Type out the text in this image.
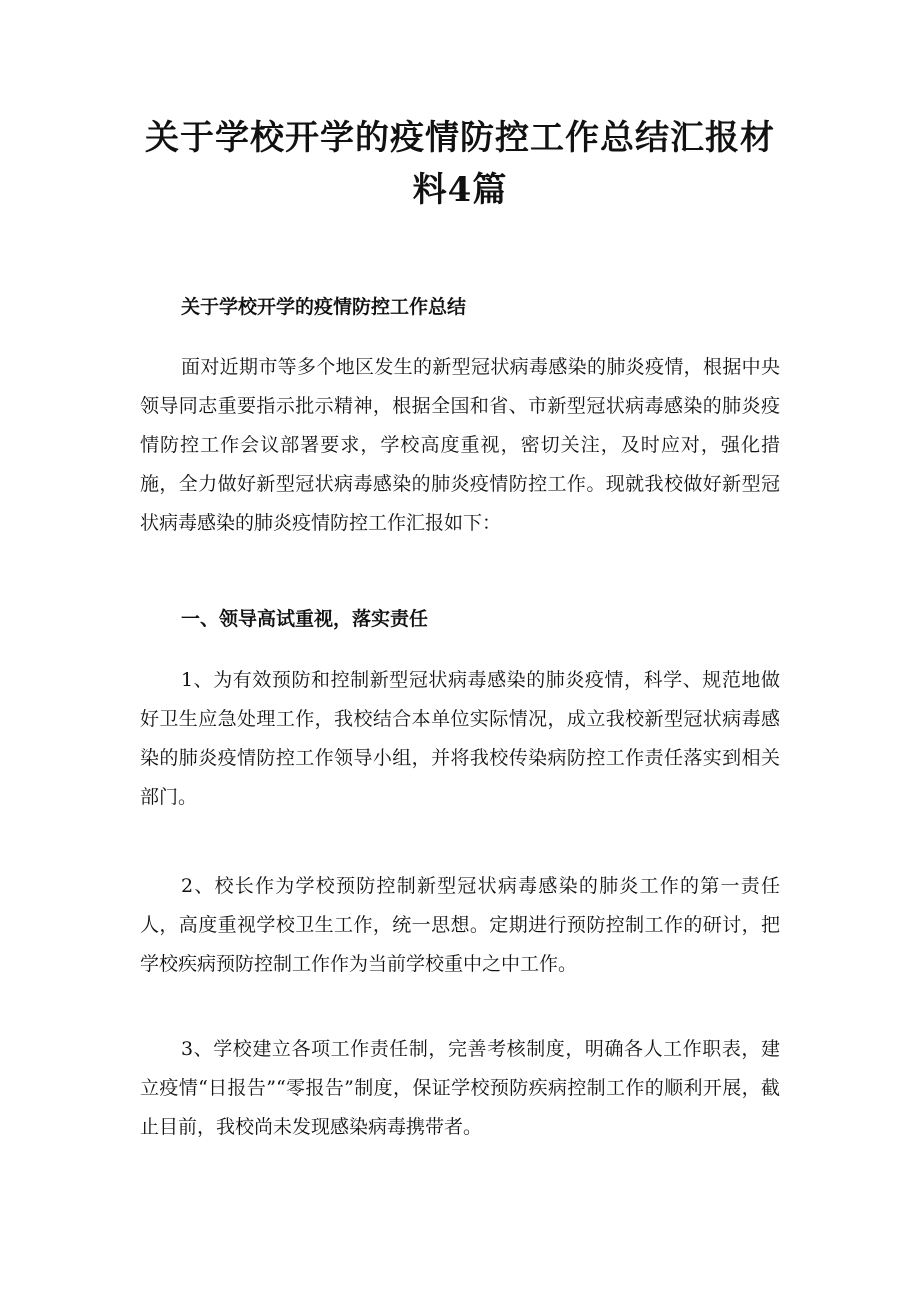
关于学校开学的疫情防控工作总结汇报材
料4篇

关于学校开学的疫情防控工作总结

面对近期市等多个地区发生的新型冠状病毒感染的肺炎疫情，根据中央领导同志重要指示批示精神，根据全国和省、市新型冠状病毒感染的肺炎疫情防控工作会议部署要求，学校高度重视，密切关注，及时应对，强化措施，全力做好新型冠状病毒感染的肺炎疫情防控工作。现就我校做好新型冠状病毒感染的肺炎疫情防控工作汇报如下：

一、领导高试重视，落实责任

1、为有效预防和控制新型冠状病毒感染的肺炎疫情，科学、规范地做好卫生应急处理工作，我校结合本单位实际情况，成立我校新型冠状病毒感染的肺炎疫情防控工作领导小组，并将我校传染病防控工作责任落实到相关部门。

2、校长作为学校预防控制新型冠状病毒感染的肺炎工作的第一责任人，高度重视学校卫生工作，统一思想。定期进行预防控制工作的研讨，把学校疾病预防控制工作作为当前学校重中之中工作。

3、学校建立各项工作责任制，完善考核制度，明确各人工作职表，建立疫情“日报告”“零报告”制度，保证学校预防疾病控制工作的顺利开展，截止目前，我校尚未发现感染病毒携带者。
